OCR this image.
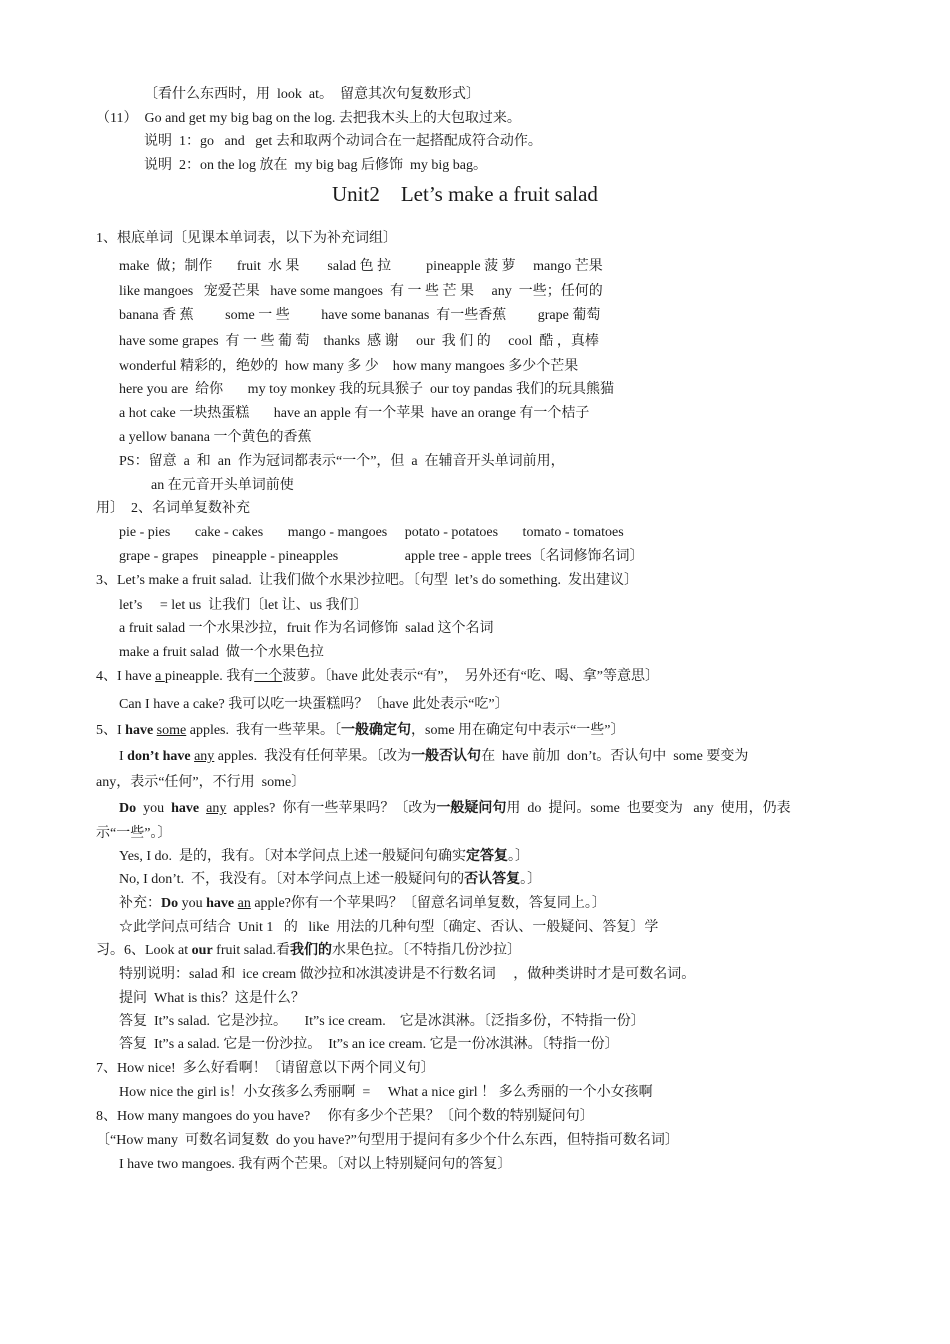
〔看什么东西时，用  look  at。  留意其次句复数形式〕
（11）  Go and get my big bag on the log. 去把我木头上的大包取过来。
说明  1：go   and   get 去和取两个动词合在一起搭配成符合动作。
说明  2：on the log 放在  my big bag 后修饰  my big bag。
Unit2    Let’s make a fruit salad
1、根底单词〔见课本单词表，以下为补充词组〕
make  做；制作       fruit  水 果        salad 色 拉          pineapple 菠 萝     mango 芒果
like mangoes   宠爱芒果   have some mangoes  有 一 些 芒 果     any  一些；任何的
banana 香 蕉         some 一 些         have some bananas  有一些香蕉         grape 葡萄
have some grapes  有 一 些 葡 萄    thanks  感 谢     our  我 们 的     cool  酷 ，真棒
wonderful 精彩的，绝妙的  how many 多 少    how many mangoes 多少个芒果
here you are  给你       my toy monkey 我的玩具猴子  our toy pandas 我们的玩具熊猫
a hot cake 一块热蛋糕       have an apple 有一个苹果  have an orange 有一个桔子
a yellow banana 一个黄色的香蕉
PS：留意  a  和  an  作为冠词都表示“一个”，但  a  在辅音开头单词前用，
an 在元音开头单词前使
用〕  2、名词单复数补充
pie - pies       cake - cakes       mango - mangoes     potato - potatoes       tomato - tomatoes
grape - grapes    pineapple - pineapples                   apple tree - apple trees〔名词修饰名词〕
3、Let’s make a fruit salad.  让我们做个水果沙拉吧。〔句型  let’s do something.  发出建议〕
let’s     = let us  让我们〔let 让、us 我们〕
a fruit salad 一个水果沙拉，fruit 作为名词修饰  salad 这个名词
make a fruit salad  做一个水果色拉
4、I have a pineapple. 我有一个菠萝。〔have 此处表示“有”，  另外还有“吃、喝、拿”等意思〕
Can I have a cake? 我可以吃一块蛋糕吗？〔have 此处表示“吃”〕
5、I have some apples.  我有一些苹果。〔一般确定句，some 用在确定句中表示“一些”〕
I don’t have any apples.  我没有任何苹果。〔改为一般否认句在  have 前加  don’t。否认句中  some 要变为
any，表示“任何”，不行用  some〕
Do  you  have any  apples?  你有一些苹果吗？〔改为一般疑问句用  do  提问。some  也要变为   any  使用，仍表
示“一些”。〕
Yes, I do.  是的，我有。〔对本学问点上述一般疑问句确实定答复。〕
No, I don’t.  不，我没有。〔对本学问点上述一般疑问句的否认答复。〕
补充：Do you have an apple?你有一个苹果吗？〔留意名词单复数，答复同上。〕
☆此学问点可结合  Unit 1   的   like  用法的几种句型〔确定、否认、一般疑问、答复〕学
习。6、Look at our fruit salad.看我们的水果色拉。〔不特指几份沙拉〕
特别说明：salad 和  ice cream 做沙拉和冰淇凌讲是不行数名词     ，做种类讲时才是可数名词。
提问  What is this？这是什么？
答复  It”s salad.  它是沙拉。     It”s ice cream.    它是冰淇淋。〔泛指多份，不特指一份〕
答复  It”s a salad. 它是一份沙拉。  It”s an ice cream. 它是一份冰淇淋。〔特指一份〕
7、How nice!  多么好看啊！〔请留意以下两个同义句〕
How nice the girl is！小女孩多么秀丽啊  =     What a nice girl ！ 多么秀丽的一个小女孩啊
8、How many mangoes do you have?     你有多少个芒果？〔问个数的特别疑问句〕
〔“How many  可数名词复数  do you have?”句型用于提问有多少个什么东西，但特指可数名词〕
I have two mangoes. 我有两个芒果。〔对以上特别疑问句的答复〕
